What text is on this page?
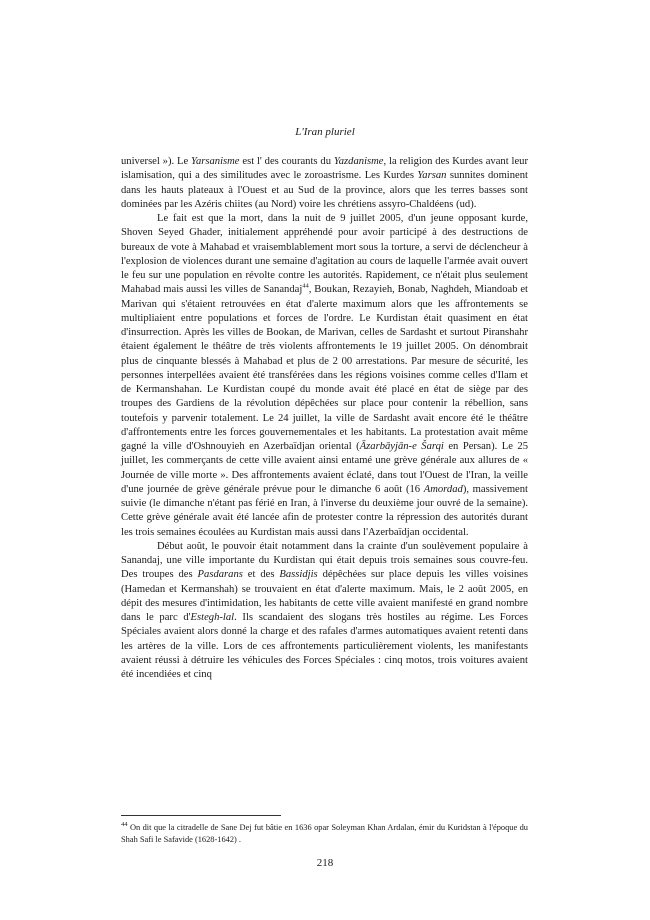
L'Iran pluriel

universel »). Le Yarsanisme est l' des courants du Yazdanisme, la religion des Kurdes avant leur islamisation, qui a des similitudes avec le zoroastrisme. Les Kurdes Yarsan sunnites dominent dans les hauts plateaux à l'Ouest et au Sud de la province, alors que les terres basses sont dominées par les Azéris chiites (au Nord) voire les chrétiens assyro-Chaldéens (ud).

Le fait est que la mort, dans la nuit de 9 juillet 2005, d'un jeune opposant kurde, Shoven Seyed Ghader, initialement appréhendé pour avoir participé à des destructions de bureaux de vote à Mahabad et vraisemblablement mort sous la torture, a servi de déclencheur à l'explosion de violences durant une semaine d'agitation au cours de laquelle l'armée avait ouvert le feu sur une population en révolte contre les autorités. Rapidement, ce n'était plus seulement Mahabad mais aussi les villes de Sanandaj$^{44}$, Boukan, Rezayieh, Bonab, Naghdeh, Miandoab et Marivan qui s'étaient retrouvées en état d'alerte maximum alors que les affrontements se multipliaient entre populations et forces de l'ordre. Le Kurdistan était quasiment en état d'insurrection. Après les villes de Bookan, de Marivan, celles de Sardasht et surtout Piranshahr étaient également le théâtre de très violents affrontements le 19 juillet 2005. On dénombrait plus de cinquante blessés à Mahabad et plus de 2 00 arrestations. Par mesure de sécurité, les personnes interpellées avaient été transférées dans les régions voisines comme celles d'Ilam et de Kermanshahan. Le Kurdistan coupé du monde avait été placé en état de siège par des troupes des Gardiens de la révolution dépêchées sur place pour contenir la rébellion, sans toutefois y parvenir totalement. Le 24 juillet, la ville de Sardasht avait encore été le théâtre d'affrontements entre les forces gouvernementales et les habitants. La protestation avait même gagné la ville d'Oshnouyieh en Azerbaïdjan oriental (Āzarbāyjān-e Šarqi en Persan). Le 25 juillet, les commerçants de cette ville avaient ainsi entamé une grève générale aux allures de « Journée de ville morte ». Des affrontements avaient éclaté, dans tout l'Ouest de l'Iran, la veille d'une journée de grève générale prévue pour le dimanche 6 août (16 Amordad), massivement suivie (le dimanche n'étant pas férié en Iran, à l'inverse du deuxième jour ouvré de la semaine). Cette grève générale avait été lancée afin de protester contre la répression des autorités durant les trois semaines écoulées au Kurdistan mais aussi dans l'Azerbaïdjan occidental.

Début août, le pouvoir était notamment dans la crainte d'un soulèvement populaire à Sanandaj, une ville importante du Kurdistan qui était depuis trois semaines sous couvre-feu. Des troupes des Pasdarans et des Bassidjis dépêchées sur place depuis les villes voisines (Hamedan et Kermanshah) se trouvaient en état d'alerte maximum. Mais, le 2 août 2005, en dépit des mesures d'intimidation, les habitants de cette ville avaient manifesté en grand nombre dans le parc d'Estegh-lal. Ils scandaient des slogans très hostiles au régime. Les Forces Spéciales avaient alors donné la charge et des rafales d'armes automatiques avaient retenti dans les artères de la ville. Lors de ces affrontements particulièrement violents, les manifestants avaient réussi à détruire les véhicules des Forces Spéciales : cinq motos, trois voitures avaient été incendiées et cinq

$^{44}$ On dit que la citradelle de Sane Dej fut bâtie en 1636 opar Soleyman Khan Ardalan, émir du Kuridstan à l'époque du Shah Safi le Safavide (1628-1642) .
218
